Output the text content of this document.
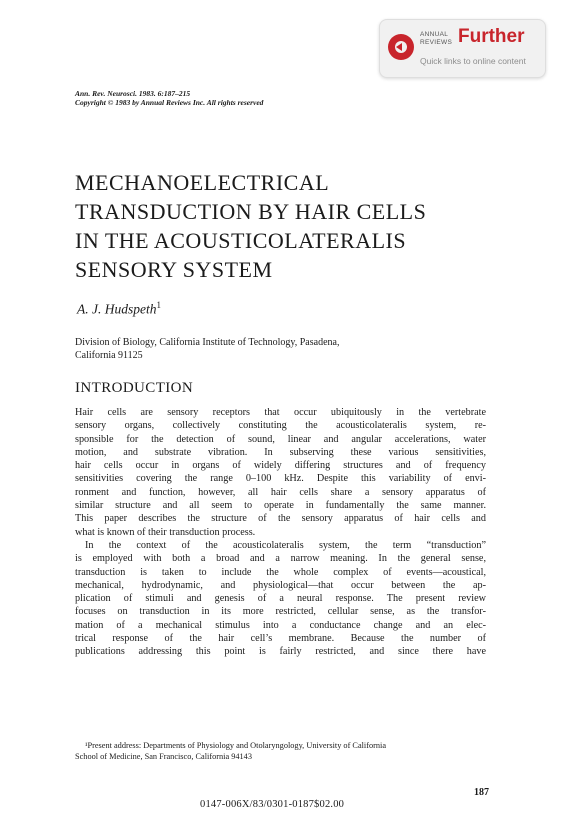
ANNUAL REVIEWS Further
Quick links to online content
Ann. Rev. Neurosci. 1983. 6:187–215
Copyright © 1983 by Annual Reviews Inc. All rights reserved
MECHANOELECTRICAL
TRANSDUCTION BY HAIR CELLS
IN THE ACOUSTICOLATERALIS
SENSORY SYSTEM
A. J. Hudspeth$^1$
Division of Biology, California Institute of Technology, Pasadena,
California 91125
INTRODUCTION
Hair cells are sensory receptors that occur ubiquitously in the vertebrate
sensory organs, collectively constituting the acousticolateralis system, re-
sponsible for the detection of sound, linear and angular accelerations, water
motion, and substrate vibration. In subserving these various sensitivities,
hair cells occur in organs of widely differing structures and of frequency
sensitivities covering the range 0–100 kHz. Despite this variability of envi-
ronment and function, however, all hair cells share a sensory apparatus of
similar structure and all seem to operate in fundamentally the same manner.
This paper describes the structure of the sensory apparatus of hair cells and
what is known of their transduction process.
In the context of the acousticolateralis system, the term “transduction”
is employed with both a broad and a narrow meaning. In the general sense,
transduction is taken to include the whole complex of events—acoustical,
mechanical, hydrodynamic, and physiological—that occur between the ap-
plication of stimuli and genesis of a neural response. The present review
focuses on transduction in its more restricted, cellular sense, as the transfor-
mation of a mechanical stimulus into a conductance change and an elec-
trical response of the hair cell’s membrane. Because the number of
publications addressing this point is fairly restricted, and since there have
¹Present address: Departments of Physiology and Otolaryngology, University of California
School of Medicine, San Francisco, California 94143
187
0147-006X/83/0301-0187$02.00
